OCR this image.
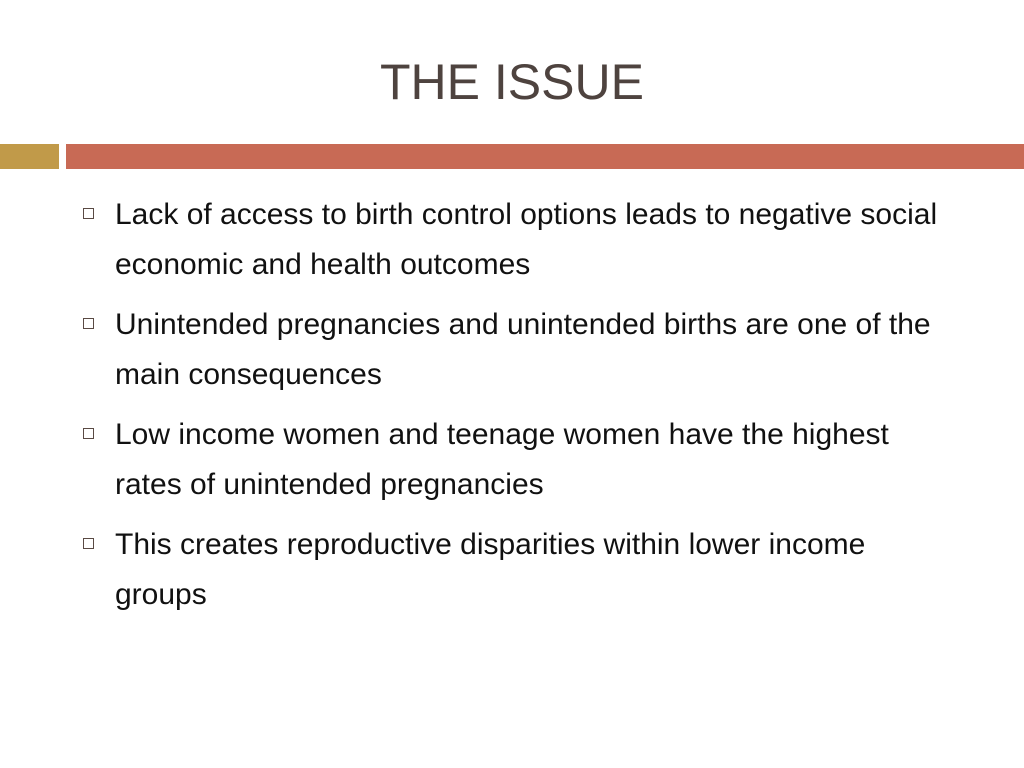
THE ISSUE
Lack of access to birth control options leads to negative social economic and health outcomes
Unintended pregnancies and unintended births are one of the main consequences
Low income women and teenage women have the highest rates of unintended pregnancies
This creates reproductive disparities within lower income groups
